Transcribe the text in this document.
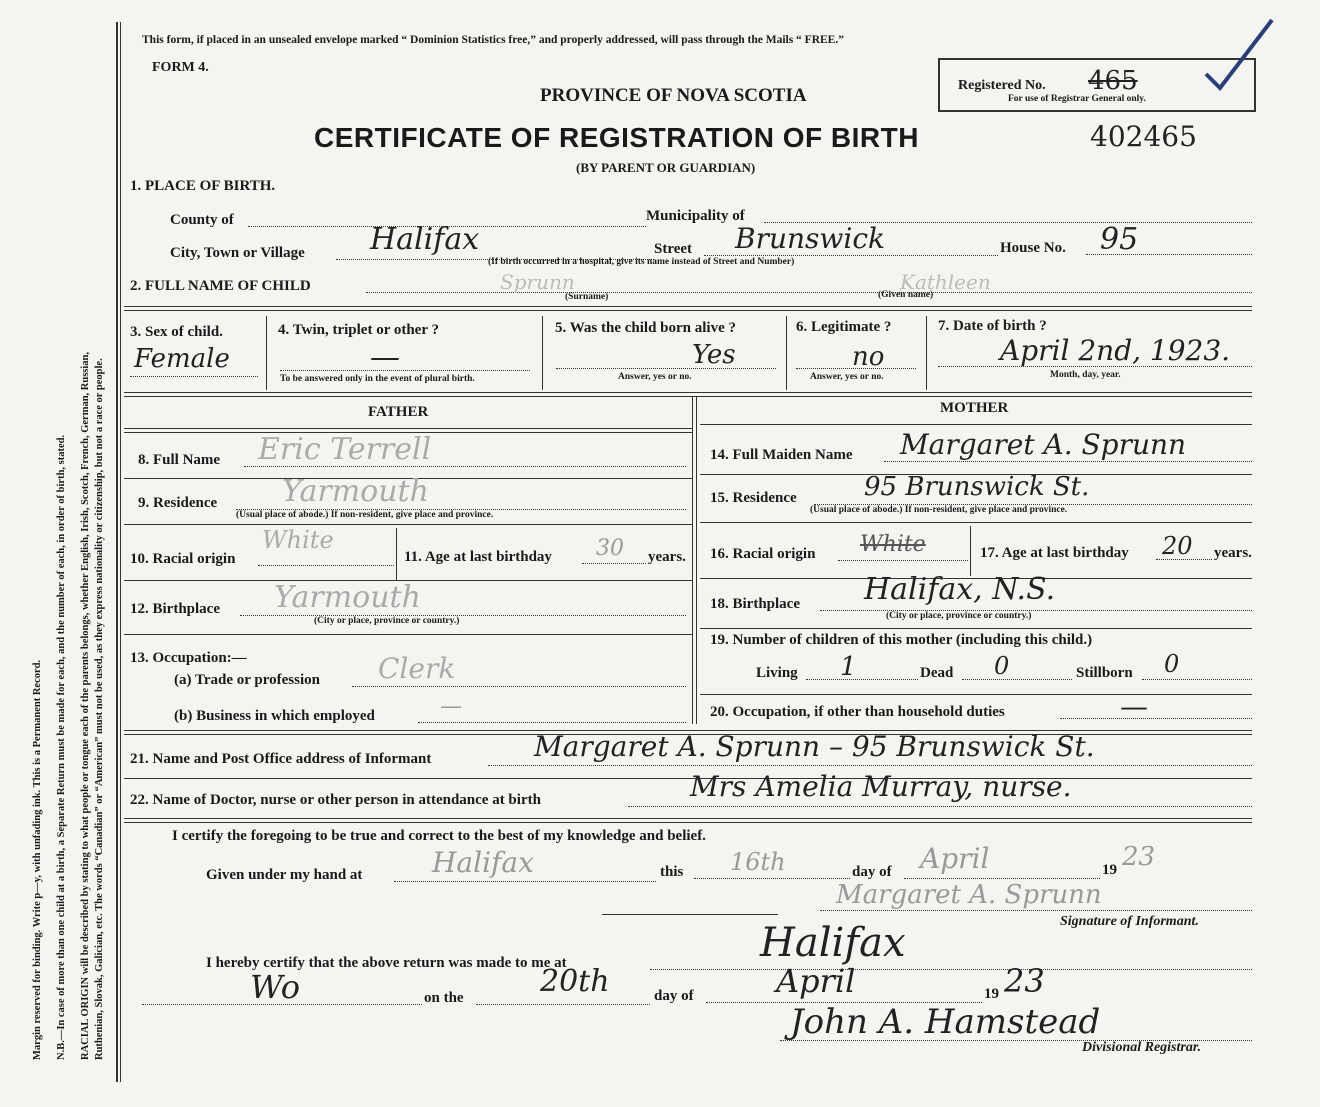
Margin reserved for binding. Write p—y, with unfading ink. This is a Permanent Record. N.B.—In case of more than one child at a birth, a Separate Return must be made for each, and the number of each, in order of birth, stated. RACIAL ORIGIN will be described by stating to what people or tongue each of the parents belongs, whether English, Irish, Scotch, French, German, Russian, Ruthenian, Slovak, Galician, etc. The words “Canadian” or “American” must not be used, as they express nationality or citizenship, but not a race or people.
This form, if placed in an unsealed envelope marked “ Dominion Statistics free,” and properly addressed, will pass through the Mails “ FREE.”
FORM 4.
PROVINCE OF NOVA SCOTIA	Registered No. 465
For use of Registrar General only.
CERTIFICATE OF REGISTRATION OF BIRTH	402465
(BY PARENT OR GUARDIAN)
1. PLACE OF BIRTH.
County of	Municipality of
City, Town or Village Halifax	Street Brunswick	House No. 95
(If birth occurred in a hospital, give its name instead of Street and Number)
2. FULL NAME OF CHILD	Sprunn	Kathleen
(Surname)	(Given name)
3. Sex of child.
Female
4. Twin, triplet or other ?
—
To be answered only in the event of plural birth.
5. Was the child born alive ?
Yes
Answer, yes or no.
6. Legitimate ?
no
Answer, yes or no.
7. Date of birth ?
April 2nd, 1923.
Month, day, year.
FATHER	MOTHER
8. Full Name Eric Terrell
9. Residence Yarmouth
(Usual place of abode.) If non-resident, give place and province.
10. Racial origin
White
11. Age at last birthday 30 years.
12. Birthplace Yarmouth
(City or place, province or country.)
13. Occupation:—
(a) Trade or profession Clerk
(b) Business in which employed	—
14. Full Maiden Name Margaret A. Sprunn
15. Residence	95 Brunswick St.
(Usual place of abode.) If non-resident, give place and province.
16. Racial origin White	17. Age at last birthday 20 years.
18. Birthplace Halifax, N.S.
(City or place, province or country.)
19. Number of children of this mother (including this child.)
Living 1	Dead 0	Stillborn 0
20. Occupation, if other than household duties	—
21. Name and Post Office address of Informant	Margaret A. Sprunn – 95 Brunswick St.
22. Name of Doctor, nurse or other person in attendance at birth	Mrs Amelia Murray, nurse.
I certify the foregoing to be true and correct to the best of my knowledge and belief.
Given under my hand at Halifax	this 16th	day of April	19 23
Margaret A. Sprunn
Signature of Informant.
I hereby certify that the above return was made to me at	Halifax
Wo	on the	20th	day of	April	19 23
John A. Hamstead
Divisional Registrar.
